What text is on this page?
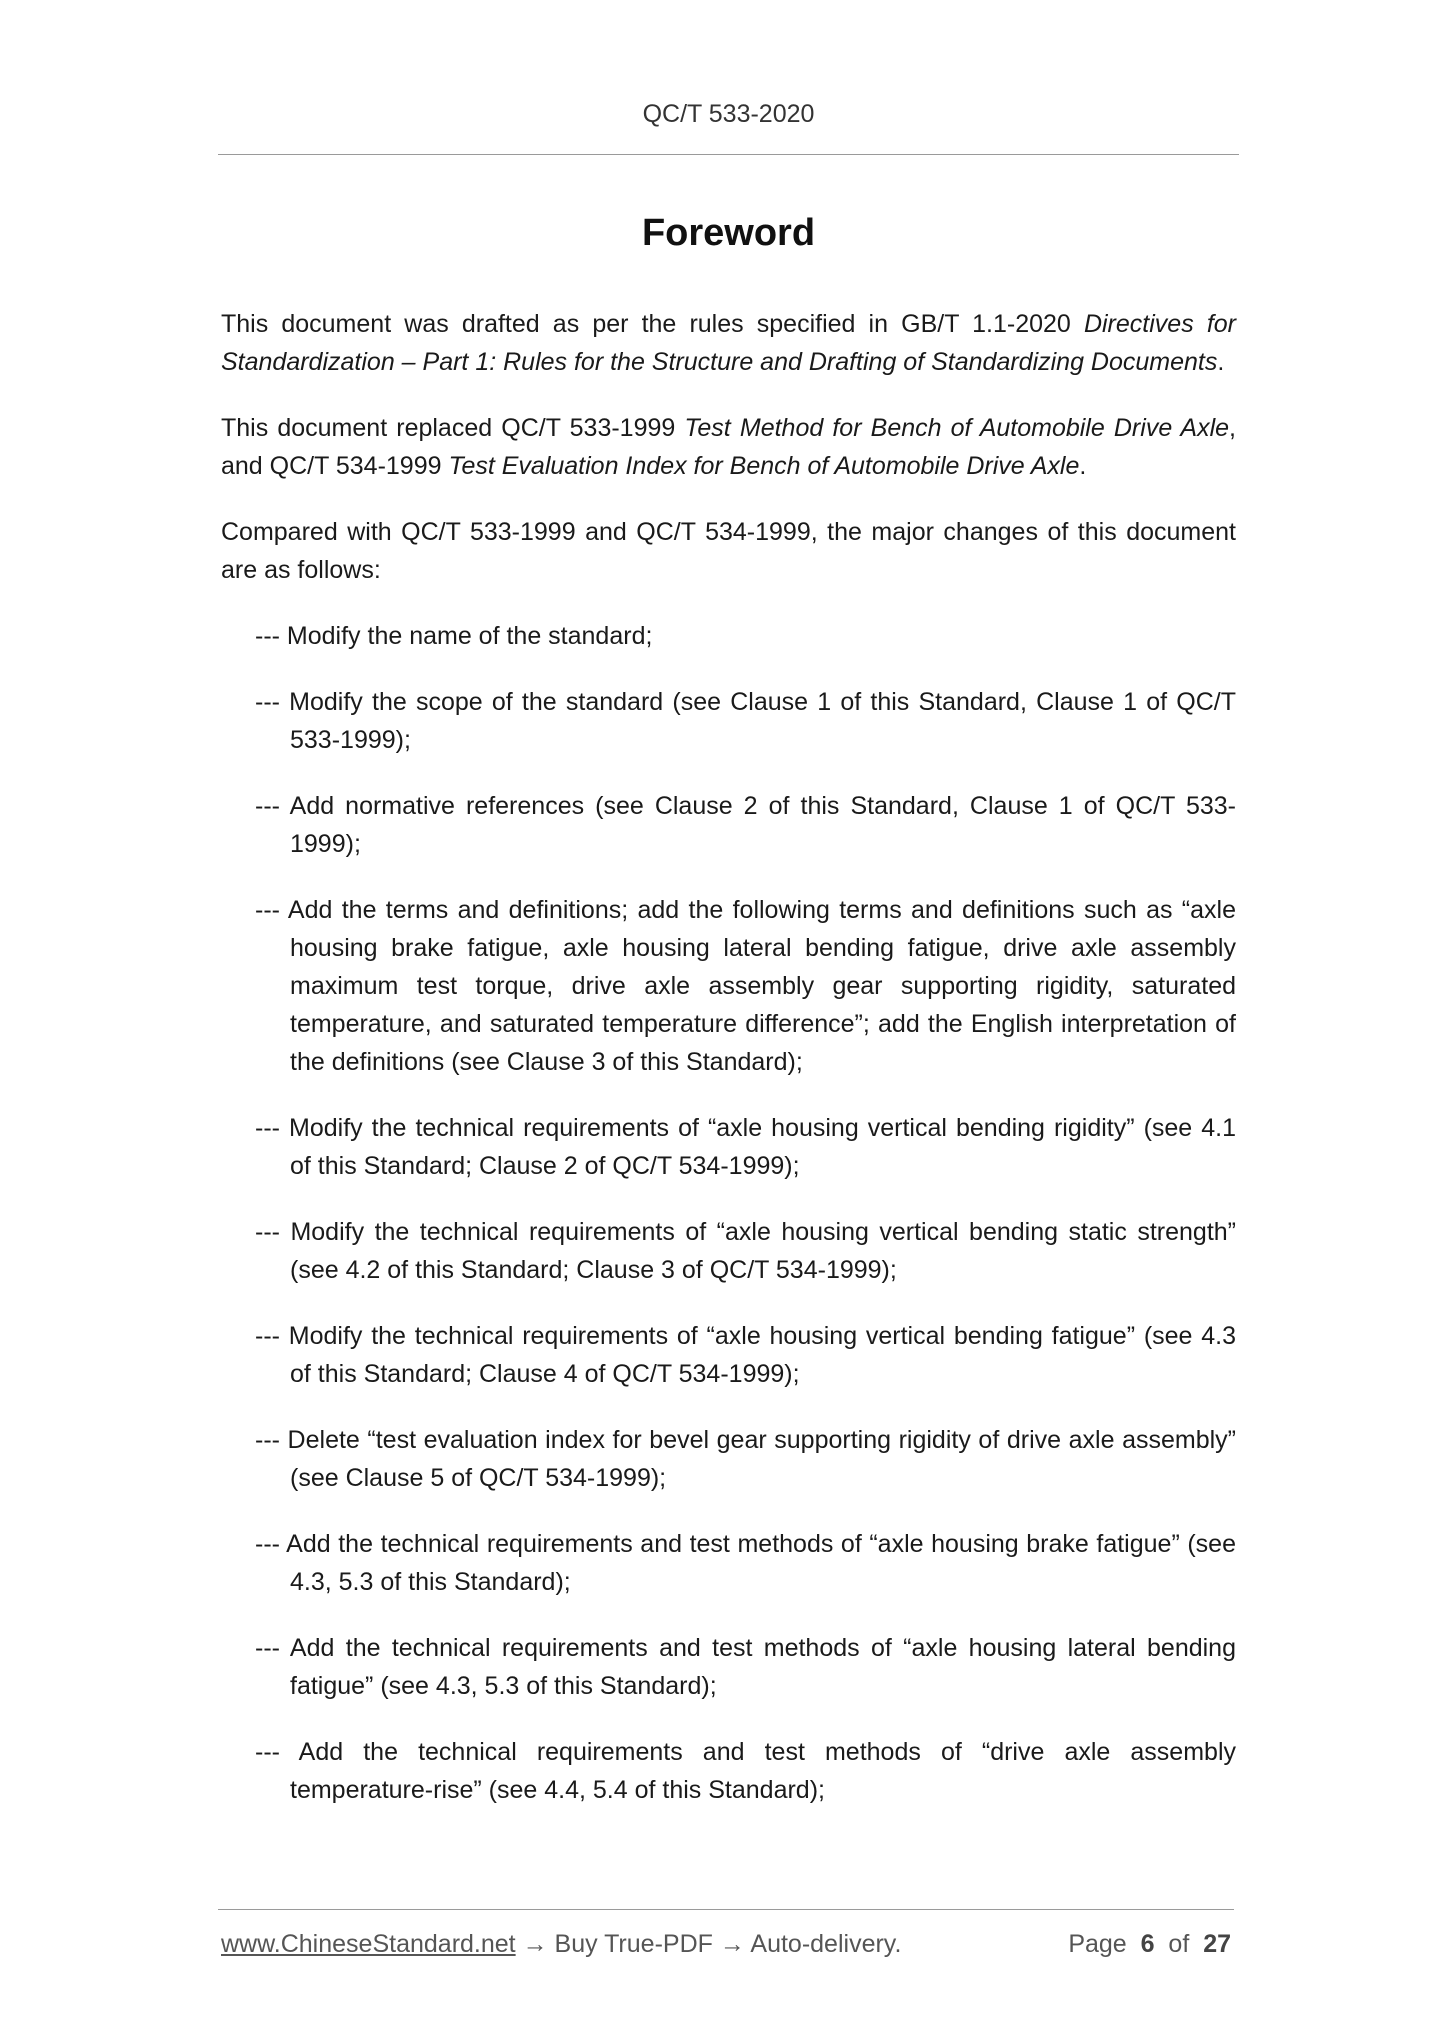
QC/T 533-2020
Foreword

This document was drafted as per the rules specified in GB/T 1.1-2020 Directives for Standardization – Part 1: Rules for the Structure and Drafting of Standardizing Documents.

This document replaced QC/T 533-1999 Test Method for Bench of Automobile Drive Axle, and QC/T 534-1999 Test Evaluation Index for Bench of Automobile Drive Axle.

Compared with QC/T 533-1999 and QC/T 534-1999, the major changes of this document are as follows:

--- Modify the name of the standard;

--- Modify the scope of the standard (see Clause 1 of this Standard, Clause 1 of QC/T 533-1999);

--- Add normative references (see Clause 2 of this Standard, Clause 1 of QC/T 533-1999);

--- Add the terms and definitions; add the following terms and definitions such as “axle housing brake fatigue, axle housing lateral bending fatigue, drive axle assembly maximum test torque, drive axle assembly gear supporting rigidity, saturated temperature, and saturated temperature difference”; add the English interpretation of the definitions (see Clause 3 of this Standard);

--- Modify the technical requirements of “axle housing vertical bending rigidity” (see 4.1 of this Standard; Clause 2 of QC/T 534-1999);

--- Modify the technical requirements of “axle housing vertical bending static strength” (see 4.2 of this Standard; Clause 3 of QC/T 534-1999);

--- Modify the technical requirements of “axle housing vertical bending fatigue” (see 4.3 of this Standard; Clause 4 of QC/T 534-1999);

--- Delete “test evaluation index for bevel gear supporting rigidity of drive axle assembly” (see Clause 5 of QC/T 534-1999);

--- Add the technical requirements and test methods of “axle housing brake fatigue” (see 4.3, 5.3 of this Standard);

--- Add the technical requirements and test methods of “axle housing lateral bending fatigue” (see 4.3, 5.3 of this Standard);

--- Add the technical requirements and test methods of “drive axle assembly temperature-rise” (see 4.4, 5.4 of this Standard);

www.ChineseStandard.net → Buy True-PDF → Auto-delivery.	Page 6 of 27
